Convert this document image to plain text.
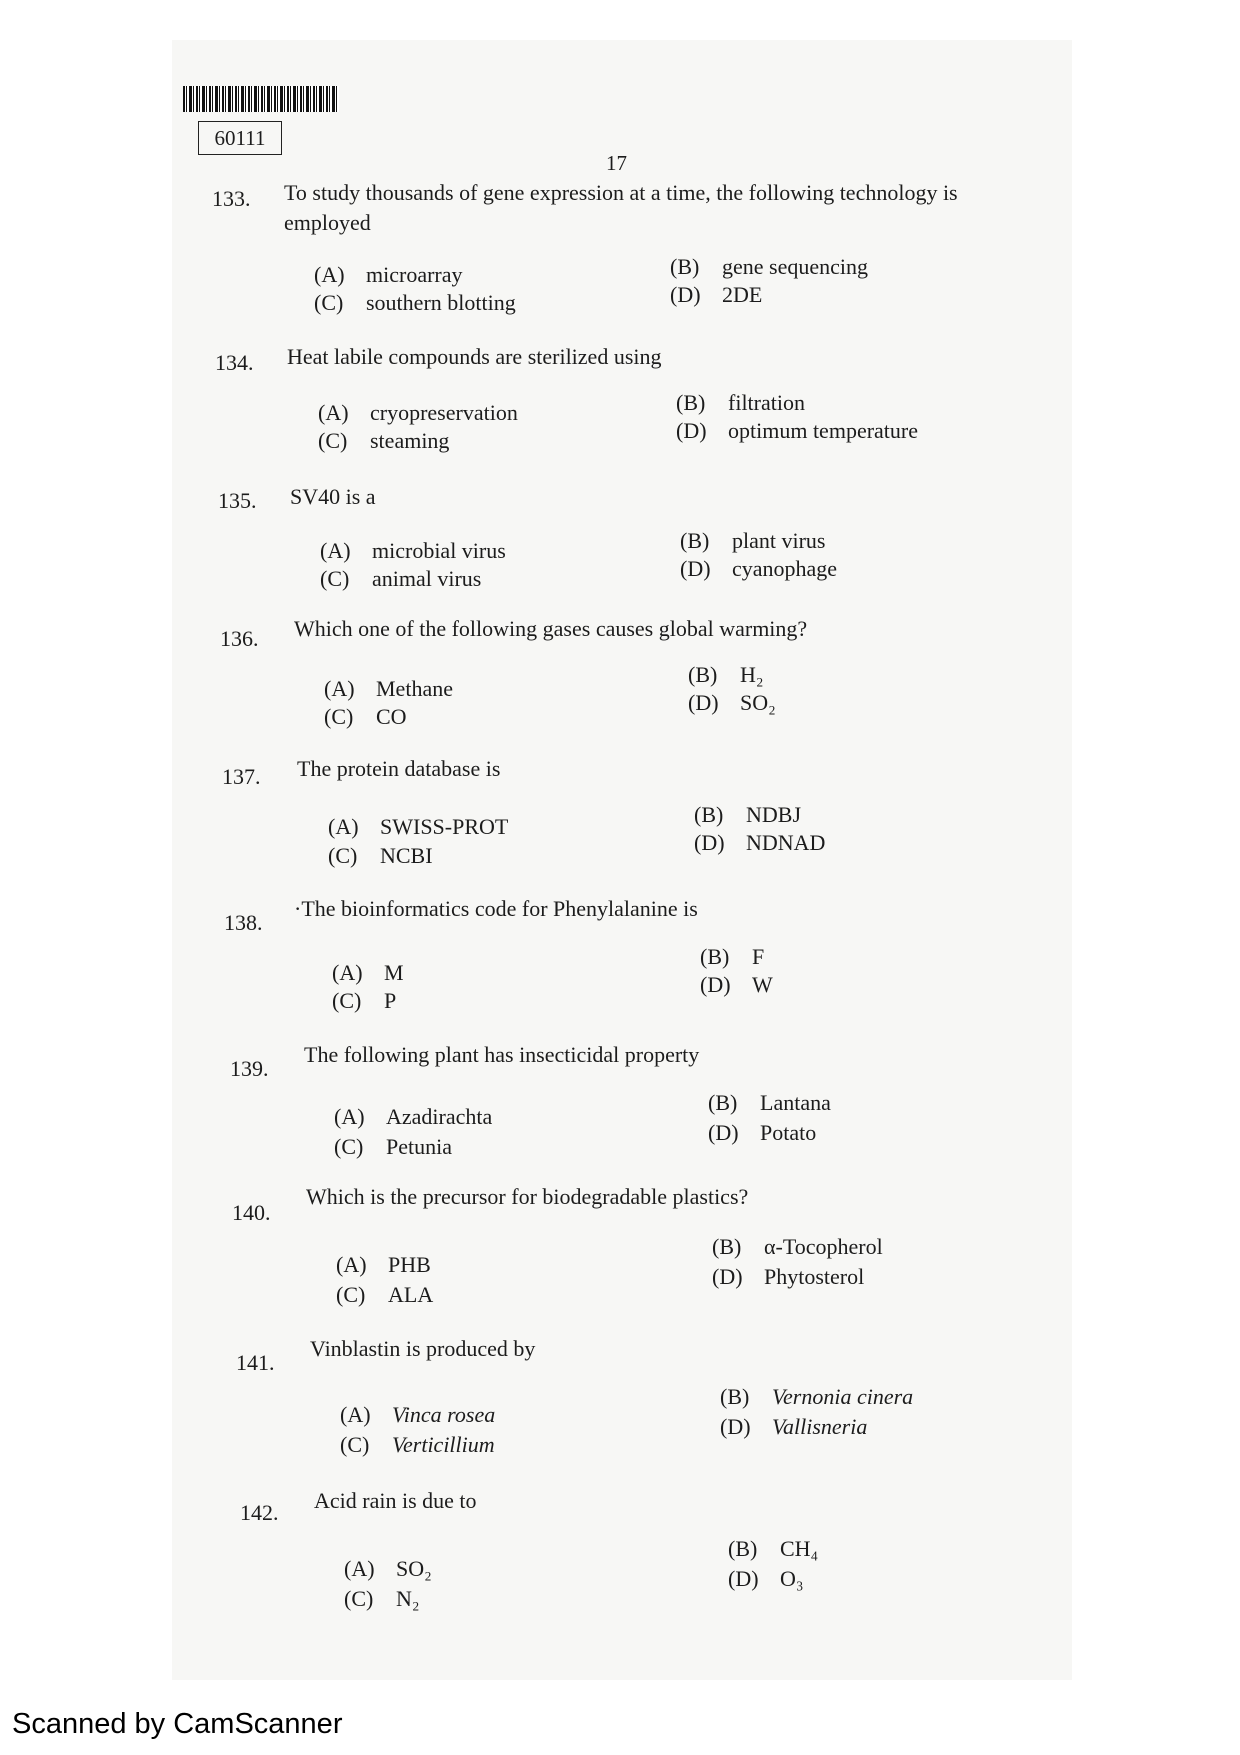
60111
17
133. To study thousands of gene expression at a time, the following technology is
employed
(A) microarray	(B) gene sequencing
(C) southern blotting	(D) 2DE
134. Heat labile compounds are sterilized using
(A) cryopreservation	(B) filtration
(C) steaming	(D) optimum temperature
135. SV40 is a
(A) microbial virus	(B) plant virus
(C) animal virus	(D) cyanophage
136. Which one of the following gases causes global warming?
(A) Methane
(B) H₂
(C) CO
(D) SO₂
137. The protein database is
(A) SWISS-PROT	(B) NDBJ
(C) NCBI
(D) NDNAD
138.
·The bioinformatics code for Phenylalanine is
(A) M
(B) F
(C) P
(D) W
139.
The following plant has insecticidal property
(A) Azadirachta
(B) Lantana
(C) Petunia
(D) Potato
140.
Which is the precursor for biodegradable plastics?
(A) PHB
(B) α-Tocopherol
(C) ALA
(D) Phytosterol
141.
Vinblastin is produced by
(A) Vinca rosea
(B) Vernonia cinera
(C) Verticillium
(D) Vallisneria
142. Acid rain is due to
(A) SO₂
(B) CH₄
(C) N₂
(D) O₃
Scanned by CamScanner
